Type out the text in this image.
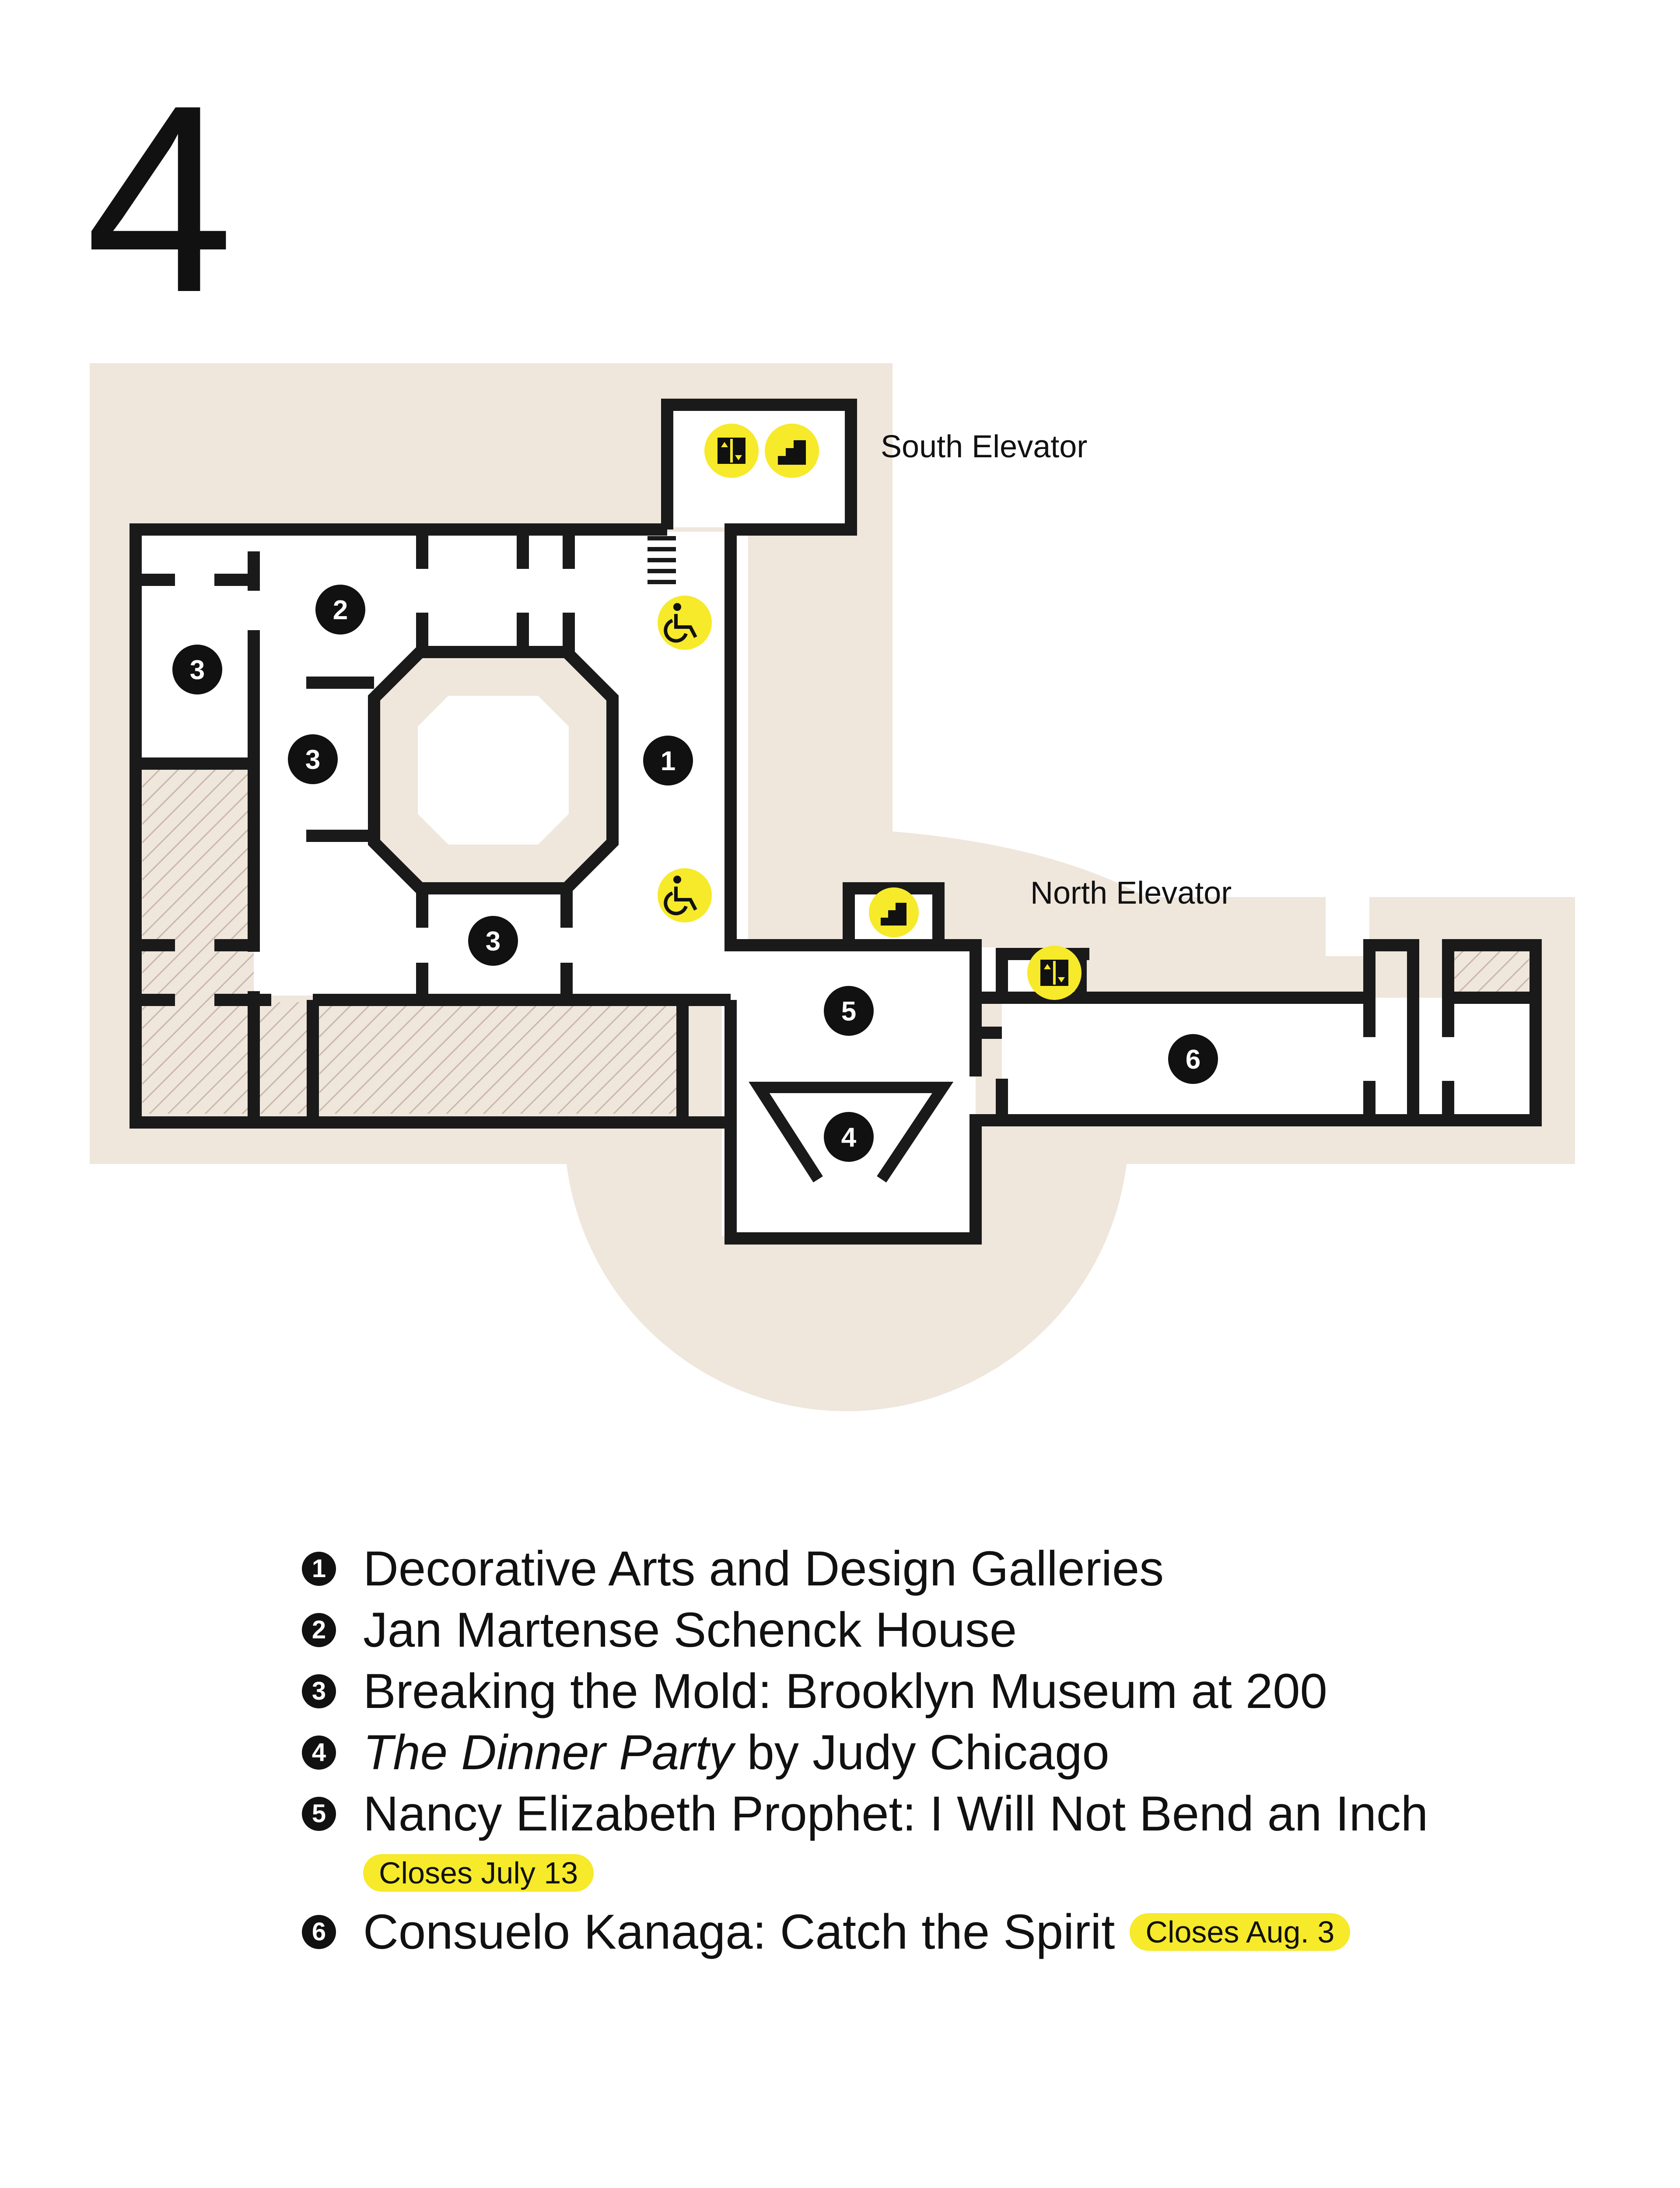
4
2
3
3	1
3
5
6
4
South Elevator
North Elevator
1 Decorative Arts and Design Galleries
2 Jan Martense Schenck House
3 Breaking the Mold: Brooklyn Museum at 200
4 The Dinner Party by Judy Chicago
5 Nancy Elizabeth Prophet: I Will Not Bend an Inch
Closes July 13
6 Consuelo Kanaga: Catch the Spirit	Closes Aug. 3
